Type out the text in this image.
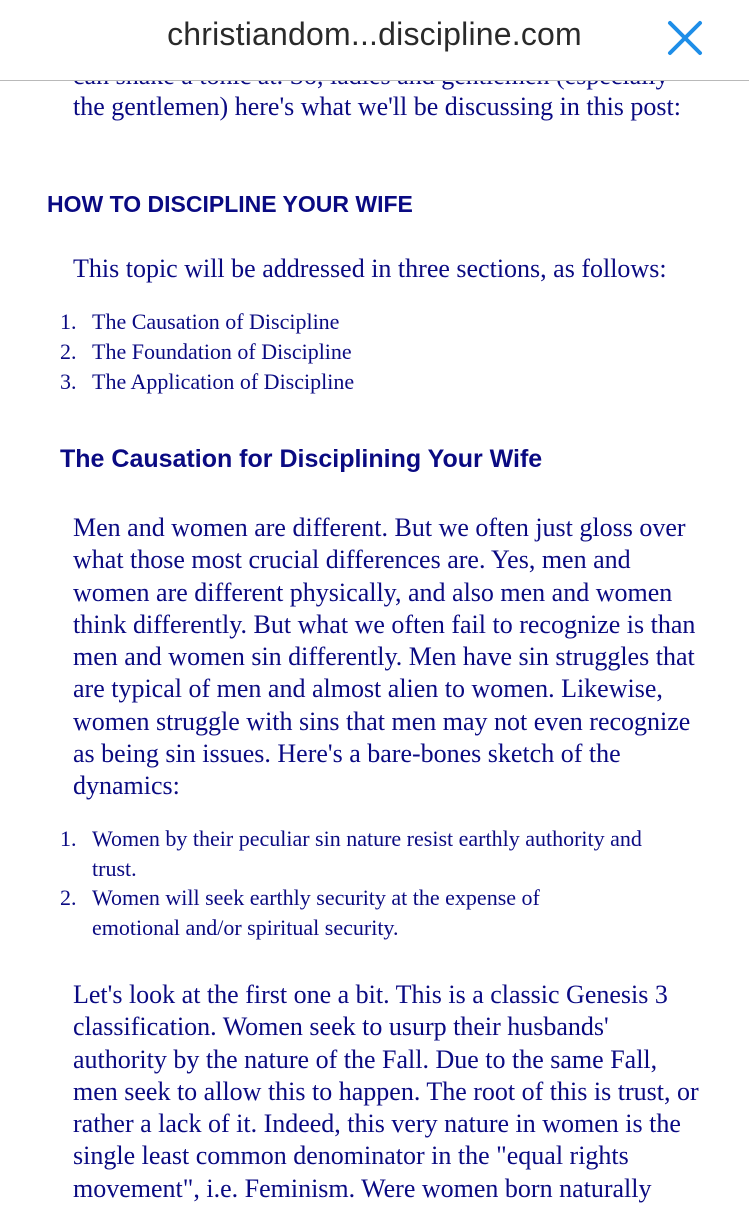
christiandom...discipline.com

the gentlemen) here's what we'll be discussing in this post:

HOW TO DISCIPLINE YOUR WIFE

This topic will be addressed in three sections, as follows:

1. The Causation of Discipline
2. The Foundation of Discipline
3. The Application of Discipline
The Causation for Disciplining Your Wife

Men and women are different. But we often just gloss over what those most crucial differences are. Yes, men and women are different physically, and also men and women think differently. But what we often fail to recognize is than men and women sin differently. Men have sin struggles that are typical of men and almost alien to women. Likewise, women struggle with sins that men may not even recognize as being sin issues. Here's a bare-bones sketch of the dynamics:

1. Women by their peculiar sin nature resist earthly authority and trust.
2. Women will seek earthly security at the expense of emotional and/or spiritual security.

Let's look at the first one a bit. This is a classic Genesis 3 classification. Women seek to usurp their husbands' authority by the nature of the Fall. Due to the same Fall, men seek to allow this to happen. The root of this is trust, or rather a lack of it. Indeed, this very nature in women is the single least common denominator in the "equal rights movement", i.e. Feminism. Were women born naturally
